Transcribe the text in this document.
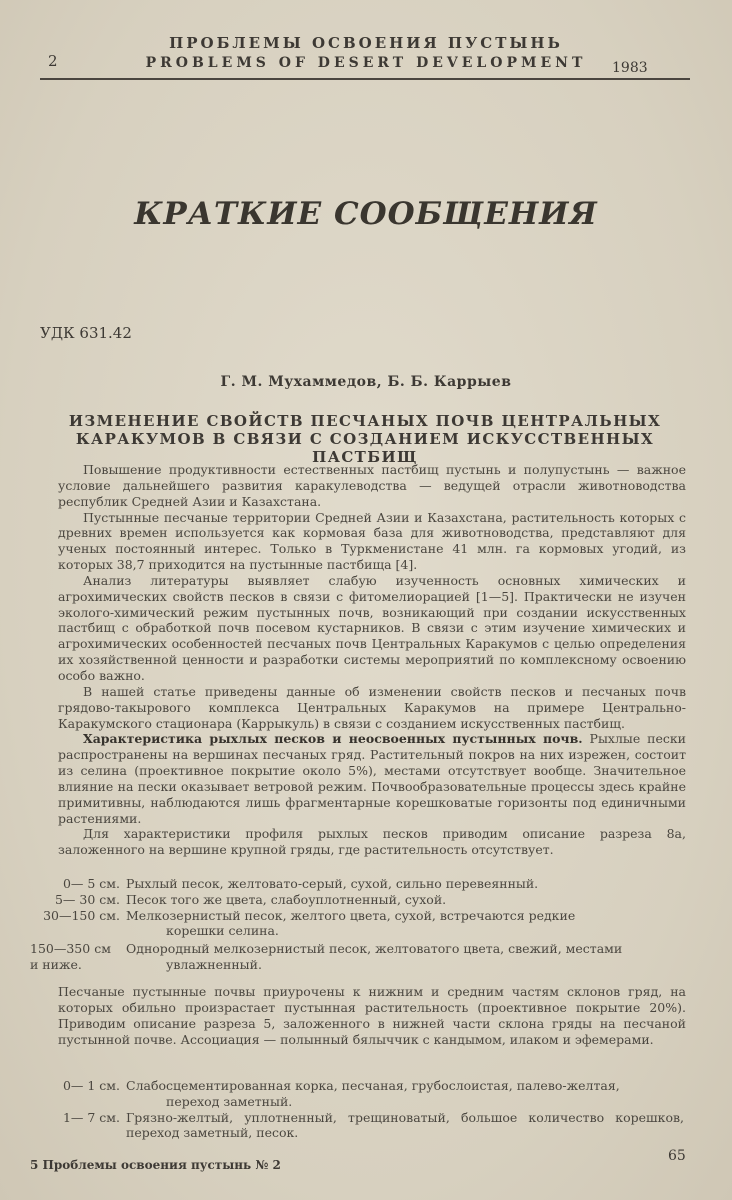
2
ПРОБЛЕМЫ ОСВОЕНИЯ ПУСТЫНЬ
PROBLEMS OF DESERT DEVELOPMENT	1983
КРАТКИЕ СООБЩЕНИЯ
УДК 631.42
Г. М. Мухаммедов, Б. Б. Каррыев
ИЗМЕНЕНИЕ СВОЙСТВ ПЕСЧАНЫХ ПОЧВ ЦЕНТРАЛЬНЫХ КАРАКУМОВ В СВЯЗИ С СОЗДАНИЕМ ИСКУССТВЕННЫХ ПАСТБИЩ

Повышение продуктивности естественных пастбищ пустынь и полупустынь — важное условие дальнейшего развития каракулеводства — ведущей отрасли животноводства республик Средней Азии и Казахстана.

Пустынные песчаные территории Средней Азии и Казахстана, растительность которых с древних времен используется как кормовая база для животноводства, представляют для ученых постоянный интерес. Только в Туркменистане 41 млн. га кормовых угодий, из которых 38,7 приходится на пустынные пастбища [4].

Анализ литературы выявляет слабую изученность основных химических и агрохимических свойств песков в связи с фитомелиорацией [1—5]. Практически не изучен эколого-химический режим пустынных почв, возникающий при создании искусственных пастбищ с обработкой почв посевом кустарников. В связи с этим изучение химических и агрохимических особенностей песчаных почв Центральных Каракумов с целью определения их хозяйственной ценности и разработки системы мероприятий по комплексному освоению особо важно.

В нашей статье приведены данные об изменении свойств песков и песчаных почв грядово-такырового комплекса Центральных Каракумов на примере Центрально-Каракумского стационара (Каррыкуль) в связи с созданием искусственных пастбищ.

Характеристика рыхлых песков и неосвоенных пустынных почв. Рыхлые пески распространены на вершинах песчаных гряд. Растительный покров на них изрежен, состоит из селина (проективное покрытие около 5%), местами отсутствует вообще. Значительное влияние на пески оказывает ветровой режим. Почвообразовательные процессы здесь крайне примитивны, наблюдаются лишь фрагментарные корешковатые горизонты под единичными растениями.

Для характеристики профиля рыхлых песков приводим описание разреза 8а, заложенного на вершине крупной гряды, где растительность отсутствует.

0— 5 см. Рыхлый песок, желтовато-серый, сухой, сильно перевеянный.
5— 30 см. Песок того же цвета, слабоуплотненный, сухой.
30—150 см. Мелкозернистый песок, желтого цвета, сухой, встречаются редкие
корешки селина.
150—350 см
и ниже.
Однородный мелкозернистый песок, желтоватого цвета, свежий, местами
увлажненный.

Песчаные пустынные почвы приурочены к нижним и средним частям склонов гряд, на которых обильно произрастает пустынная растительность (проективное покрытие 20%). Приводим описание разреза 5, заложенного в нижней части склона гряды на песчаной пустынной почве. Ассоциация — полынный бялыччик с кандымом, илаком и эфемерами.

0— 1 см. Слабосцементированная корка, песчаная, грубослоистая, палево-желтая,
переход заметный.
1— 7 см. Грязно-желтый, уплотненный, трещиноватый, большое количество корешков, переход заметный, песок.
5 Проблемы освоения пустынь № 2
65
